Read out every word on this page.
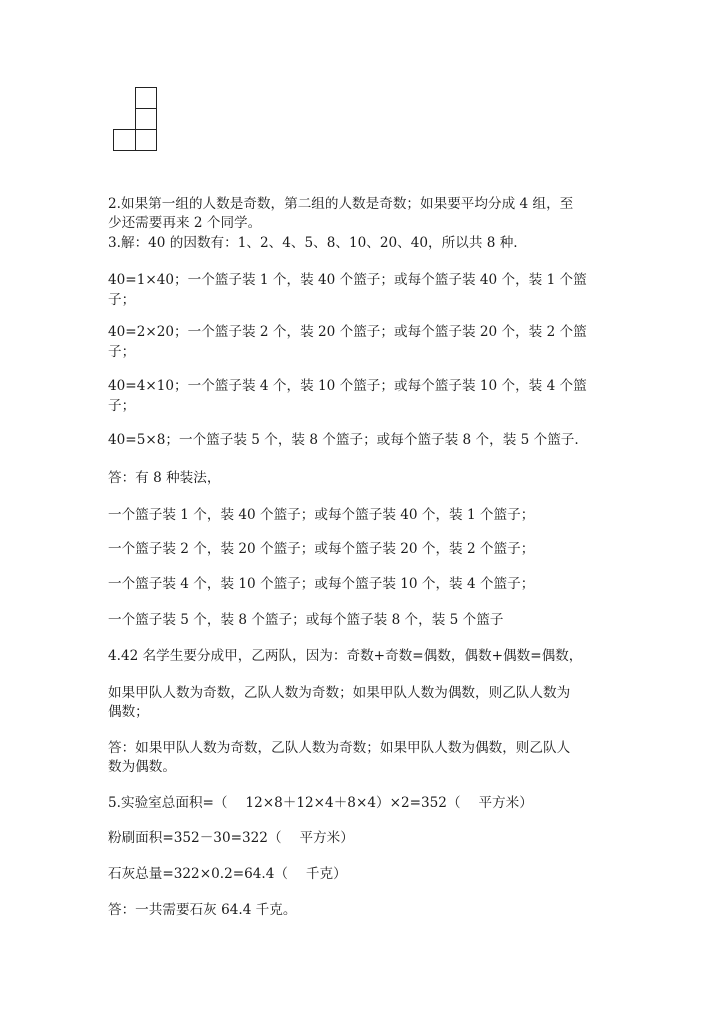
2.如果第一组的人数是奇数，第二组的人数是奇数；如果要平均分成 4 组，至
少还需要再来 2 个同学。
3.解：40 的因数有：1、2、4、5、8、10、20、40，所以共 8 种.
40=1×40；一个篮子装 1 个，装 40 个篮子；或每个篮子装 40 个，装 1 个篮
子；
40=2×20；一个篮子装 2 个，装 20 个篮子；或每个篮子装 20 个，装 2 个篮
子；
40=4×10；一个篮子装 4 个，装 10 个篮子；或每个篮子装 10 个，装 4 个篮
子；
40=5×8；一个篮子装 5 个，装 8 个篮子；或每个篮子装 8 个，装 5 个篮子.
答：有 8 种装法，
一个篮子装 1 个，装 40 个篮子；或每个篮子装 40 个，装 1 个篮子；
一个篮子装 2 个，装 20 个篮子；或每个篮子装 20 个，装 2 个篮子；
一个篮子装 4 个，装 10 个篮子；或每个篮子装 10 个，装 4 个篮子；
一个篮子装 5 个，装 8 个篮子；或每个篮子装 8 个，装 5 个篮子
4.42 名学生要分成甲，乙两队，因为：奇数+奇数=偶数，偶数+偶数=偶数，
如果甲队人数为奇数，乙队人数为奇数；如果甲队人数为偶数，则乙队人数为
偶数；
答：如果甲队人数为奇数，乙队人数为奇数；如果甲队人数为偶数，则乙队人
数为偶数。
5.实验室总面积=（　 12×8＋12×4＋8×4）×2=352（　 平方米）
粉刷面积=352－30=322（　 平方米）
石灰总量=322×0.2=64.4（　 千克）
答：一共需要石灰 64.4 千克。
